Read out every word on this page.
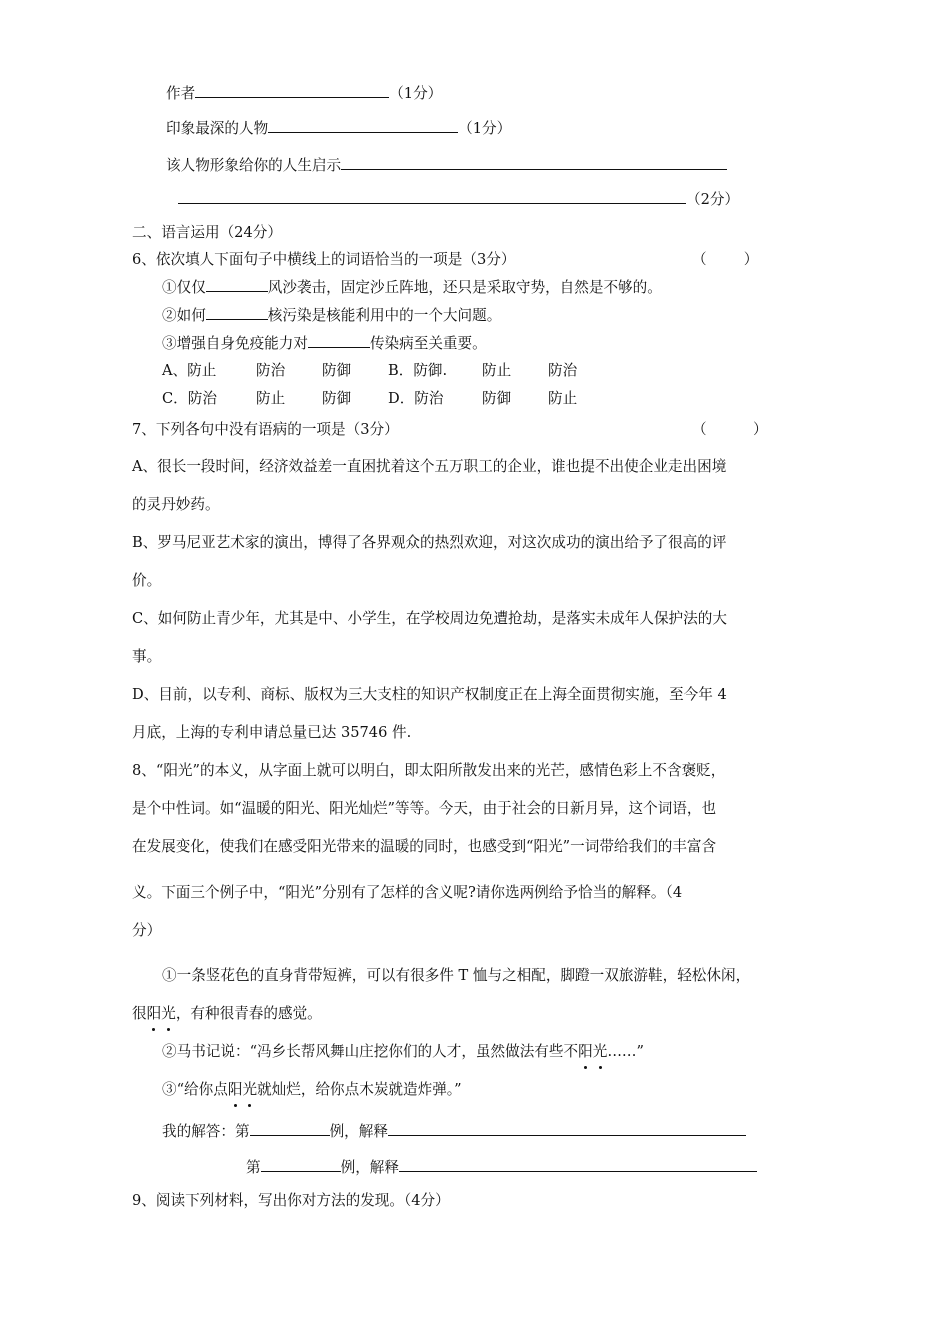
作者	（1分）
印象最深的人物	（1分）
该人物形象给你的人生启示
（2分）
二、语言运用（24分）
6、依次填人下面句子中横线上的词语恰当的一项是（3分）	（        ）
①仅仅	风沙袭击，固定沙丘阵地，还只是采取守势，自然是不够的。
②如何	核污染是核能利用中的一个大问题。
③增强自身免疫能力对	传染病至关重要。
A、防止	防治	防御	B．防御. 防止	防治
C．防治	防止	防御	D．防治	防御	防止
7、下列各句中没有语病的一项是（3分）	（          ）
A、很长一段时间，经济效益差一直困扰着这个五万职工的企业，谁也提不出使企业走出困境
的灵丹妙药。
B、罗马尼亚艺术家的演出，博得了各界观众的热烈欢迎，对这次成功的演出给予了很高的评
价。
C、如何防止青少年，尤其是中、小学生，在学校周边免遭抢劫，是落实未成年人保护法的大
事。
D、目前，以专利、商标、版权为三大支柱的知识产权制度正在上海全面贯彻实施，至今年 4
月底，上海的专利申请总量已达 35746 件.
8、“阳光”的本义，从字面上就可以明白，即太阳所散发出来的光芒，感情色彩上不含褒贬，
是个中性词。如“温暖的阳光、阳光灿烂”等等。今天，由于社会的日新月异，这个词语，也
在发展变化，使我们在感受阳光带来的温暖的同时，也感受到“阳光”一词带给我们的丰富含
义。下面三个例子中，“阳光”分别有了怎样的含义呢?请你选两例给予恰当的解释。（4
分）
①一条竖花色的直身背带短裤，可以有很多件 T 恤与之相配，脚蹬一双旅游鞋，轻松休闲，
很阳光，有种很青春的感觉。
②马书记说：“冯乡长帮风舞山庄挖你们的人才，虽然做法有些不阳光……”
③“给你点阳光就灿烂，给你点木炭就造炸弹。”
我的解答：第	例，解释
第	例，解释
9、阅读下列材料，写出你对方法的发现。（4分）
